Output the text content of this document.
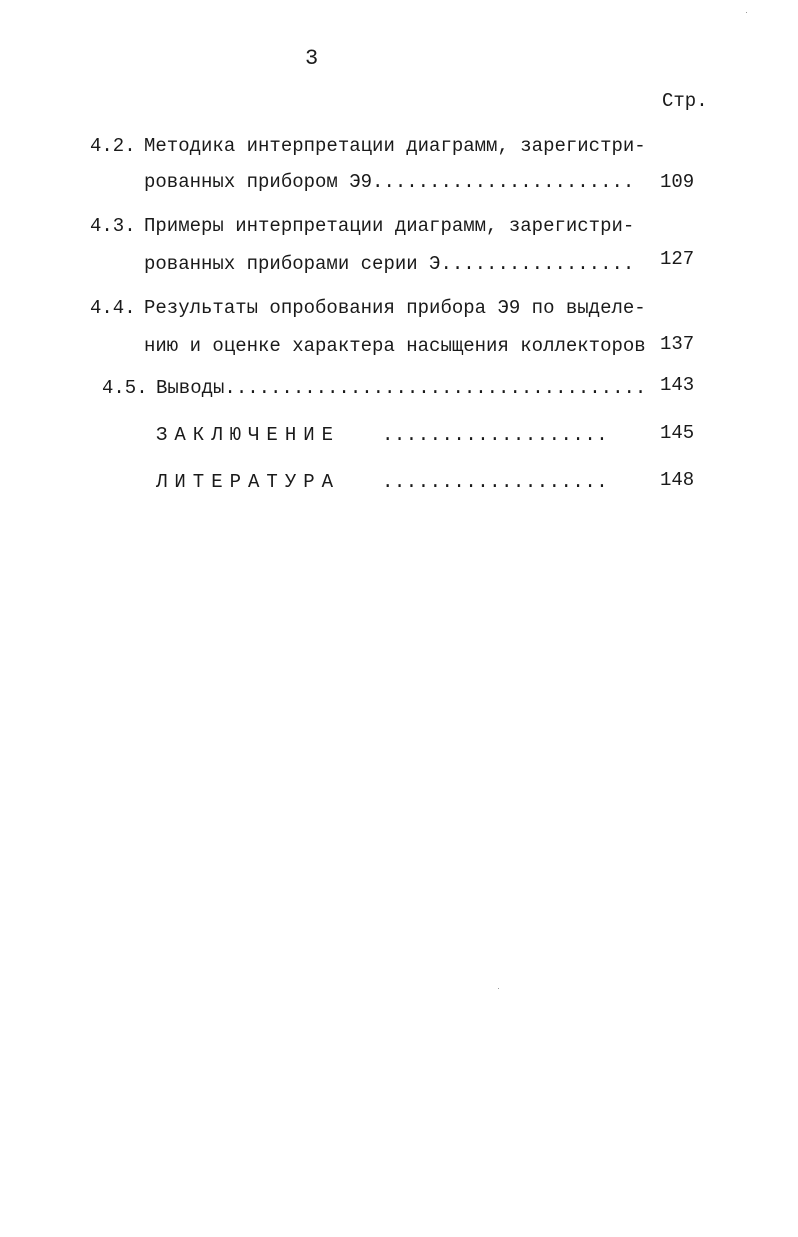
3
Стр.
4.2. Методика интерпретации диаграмм, зарегистри-
рованных прибором Э9....................... 109
4.3. Примеры интерпретации диаграмм, зарегистри-
рованных приборами серии Э................. 127
4.4. Результаты опробования прибора Э9 по выделе-
нию и оценке характера насыщения коллекторов 137
4.5. Выводы..................................... 143
ЗАКЛЮЧЕНИЕ ...................	145
ЛИТЕРАТУРА ...................	148
